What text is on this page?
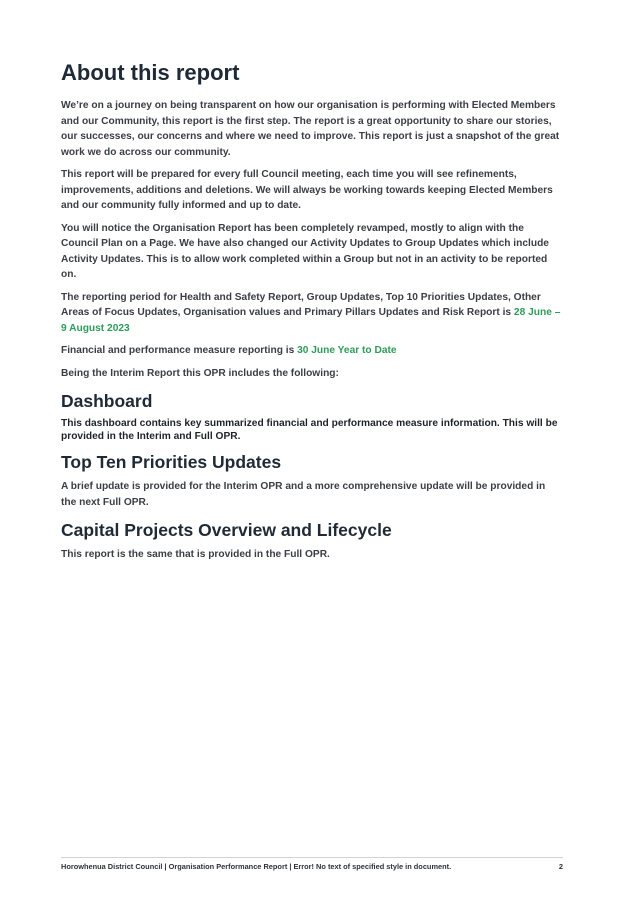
About this report

We’re on a journey on being transparent on how our organisation is performing with Elected Members and our Community, this report is the first step. The report is a great opportunity to share our stories, our successes, our concerns and where we need to improve. This report is just a snapshot of the great work we do across our community.

This report will be prepared for every full Council meeting, each time you will see refinements, improvements, additions and deletions. We will always be working towards keeping Elected Members and our community fully informed and up to date.

You will notice the Organisation Report has been completely revamped, mostly to align with the Council Plan on a Page. We have also changed our Activity Updates to Group Updates which include Activity Updates. This is to allow work completed within a Group but not in an activity to be reported on.

The reporting period for Health and Safety Report, Group Updates, Top 10 Priorities Updates, Other Areas of Focus Updates, Organisation values and Primary Pillars Updates and Risk Report is 28 June – 9 August 2023

Financial and performance measure reporting is 30 June Year to Date

Being the Interim Report this OPR includes the following:

Dashboard

This dashboard contains key summarized financial and performance measure information. This will be provided in the Interim and Full OPR.

Top Ten Priorities Updates

A brief update is provided for the Interim OPR and a more comprehensive update will be provided in the next Full OPR.

Capital Projects Overview and Lifecycle

This report is the same that is provided in the Full OPR.

Horowhenua District Council | Organisation Performance Report | Error! No text of specified style in document.	2
